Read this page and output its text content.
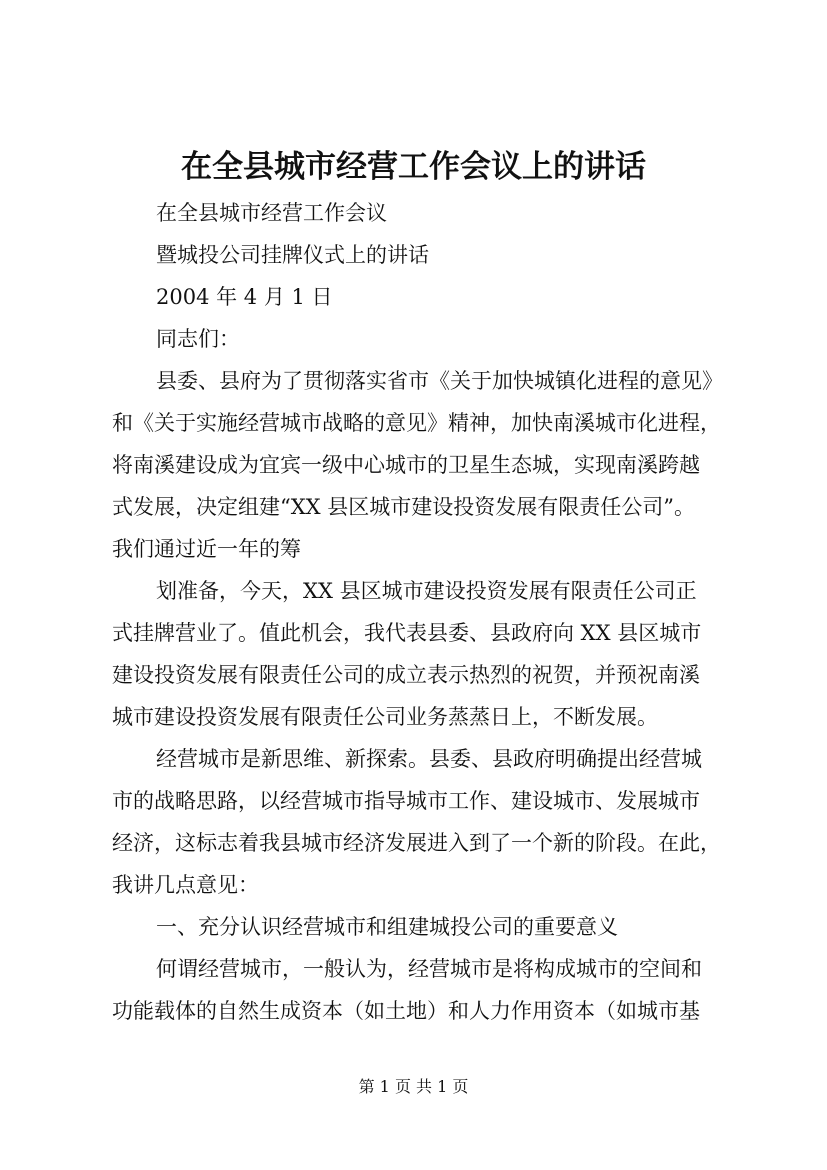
在全县城市经营工作会议上的讲话
在全县城市经营工作会议
暨城投公司挂牌仪式上的讲话
2004 年 4 月 1 日
同志们：
县委、县府为了贯彻落实省市《关于加快城镇化进程的意见》
和《关于实施经营城市战略的意见》精神，加快南溪城市化进程，
将南溪建设成为宜宾一级中心城市的卫星生态城，实现南溪跨越
式发展，决定组建“XX 县区城市建设投资发展有限责任公司”。
我们通过近一年的筹
划准备，今天，XX 县区城市建设投资发展有限责任公司正
式挂牌营业了。值此机会，我代表县委、县政府向 XX 县区城市
建设投资发展有限责任公司的成立表示热烈的祝贺，并预祝南溪
城市建设投资发展有限责任公司业务蒸蒸日上，不断发展。
经营城市是新思维、新探索。县委、县政府明确提出经营城
市的战略思路，以经营城市指导城市工作、建设城市、发展城市
经济，这标志着我县城市经济发展进入到了一个新的阶段。在此，
我讲几点意见：
一、充分认识经营城市和组建城投公司的重要意义
何谓经营城市，一般认为，经营城市是将构成城市的空间和
功能载体的自然生成资本（如土地）和人力作用资本（如城市基
第 1 页 共 1 页
